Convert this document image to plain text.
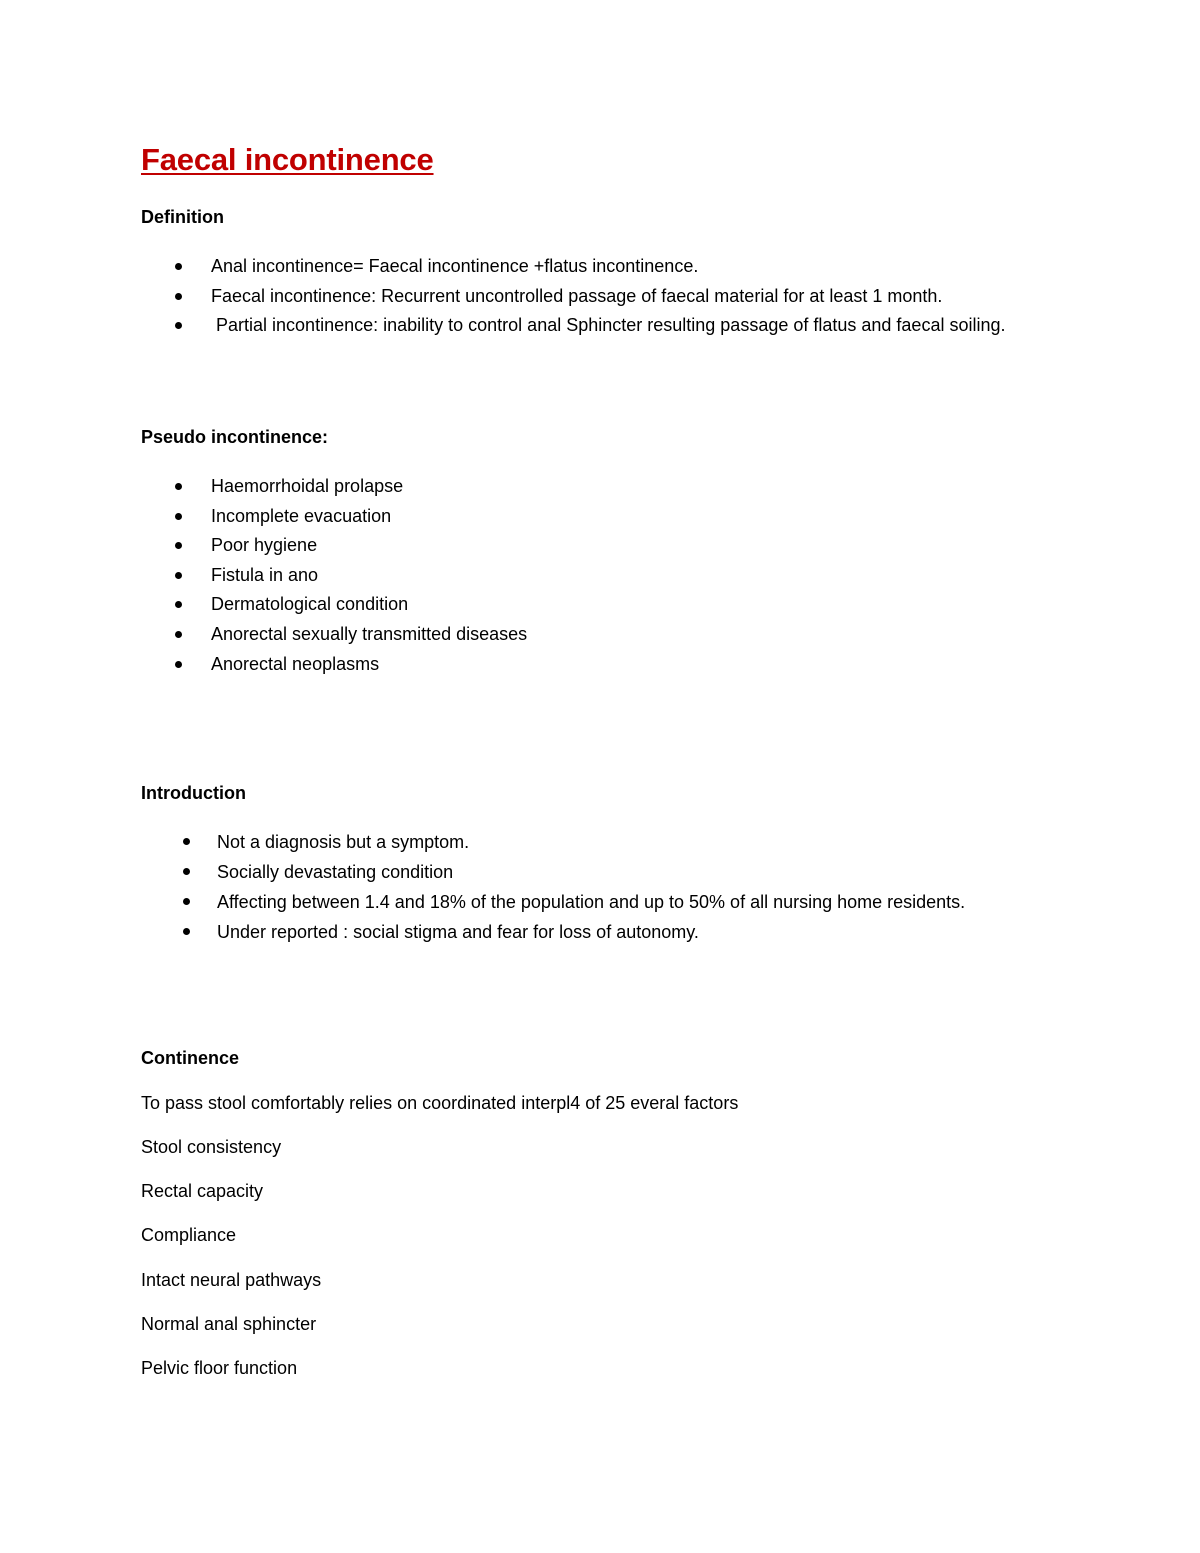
Faecal incontinence
Definition
Anal incontinence= Faecal incontinence +flatus incontinence.
Faecal incontinence: Recurrent uncontrolled passage of faecal material for at least 1 month.
Partial incontinence: inability to control anal Sphincter resulting passage of flatus and faecal soiling.
Pseudo incontinence:
Haemorrhoidal prolapse
Incomplete evacuation
Poor hygiene
Fistula in ano
Dermatological condition
Anorectal sexually transmitted diseases
Anorectal neoplasms
Introduction
Not a diagnosis but a symptom.
Socially devastating condition
Affecting between 1.4 and 18% of the population and up to 50% of all nursing home residents.
Under reported : social stigma and fear for loss of autonomy.
Continence

To pass stool comfortably relies on coordinated interpl4 of 25 everal factors

Stool consistency

Rectal capacity

Compliance

Intact neural pathways

Normal anal sphincter

Pelvic floor function
